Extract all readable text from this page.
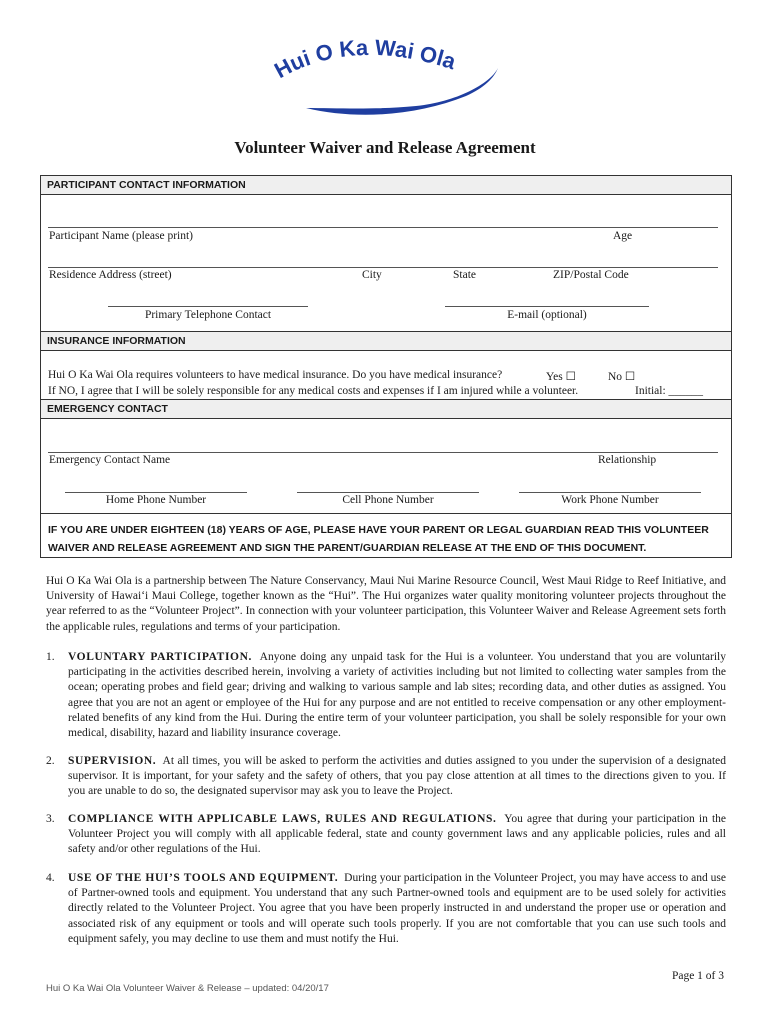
Hui O Ka Wai Ola
Volunteer Waiver and Release Agreement
PARTICIPANT CONTACT INFORMATION
Participant Name (please print)	Age
Residence Address (street)	City	State	ZIP/Postal Code
Primary Telephone Contact	E-mail (optional)
INSURANCE INFORMATION
Hui O Ka Wai Ola requires volunteers to have medical insurance. Do you have medical insurance?	Yes ☐	No ☐
If NO, I agree that I will be solely responsible for any medical costs and expenses if I am injured while a volunteer.	Initial: ______
EMERGENCY CONTACT
Emergency Contact Name	Relationship
Home Phone Number	Cell Phone Number	Work Phone Number
IF YOU ARE UNDER EIGHTEEN (18) YEARS OF AGE, PLEASE HAVE YOUR PARENT OR LEGAL GUARDIAN READ THIS VOLUNTEER WAIVER AND RELEASE AGREEMENT AND SIGN THE PARENT/GUARDIAN RELEASE AT THE END OF THIS DOCUMENT.
Hui O Ka Wai Ola is a partnership between The Nature Conservancy, Maui Nui Marine Resource Council, West Maui Ridge to Reef Initiative, and University of Hawaiʻi Maui College, together known as the “Hui”. The Hui organizes water quality monitoring volunteer projects throughout the year referred to as the “Volunteer Project”. In connection with your volunteer participation, this Volunteer Waiver and Release Agreement sets forth the applicable rules, regulations and terms of your participation.
1.	VOLUNTARY PARTICIPATION. Anyone doing any unpaid task for the Hui is a volunteer. You understand that you are voluntarily participating in the activities described herein, involving a variety of activities including but not limited to collecting water samples from the ocean; operating probes and field gear; driving and walking to various sample and lab sites; recording data, and other duties as assigned. You agree that you are not an agent or employee of the Hui for any purpose and are not entitled to receive compensation or any other employment-related benefits of any kind from the Hui. During the entire term of your volunteer participation, you shall be solely responsible for your own medical, disability, hazard and liability insurance coverage.
2.	SUPERVISION. At all times, you will be asked to perform the activities and duties assigned to you under the supervision of a designated supervisor. It is important, for your safety and the safety of others, that you pay close attention at all times to the directions given to you. If you are unable to do so, the designated supervisor may ask you to leave the Project.
3.	COMPLIANCE WITH APPLICABLE LAWS, RULES AND REGULATIONS. You agree that during your participation in the Volunteer Project you will comply with all applicable federal, state and county government laws and any applicable policies, rules and all safety and/or other regulations of the Hui.
4.	USE OF THE HUI’S TOOLS AND EQUIPMENT. During your participation in the Volunteer Project, you may have access to and use of Partner-owned tools and equipment. You understand that any such Partner-owned tools and equipment are to be used solely for activities directly related to the Volunteer Project. You agree that you have been properly instructed in and understand the proper use or operation and associated risk of any equipment or tools and will operate such tools properly. If you are not comfortable that you can use such tools and equipment safely, you may decline to use them and must notify the Hui.
Page 1 of 3
Hui O Ka Wai Ola Volunteer Waiver & Release – updated: 04/20/17
